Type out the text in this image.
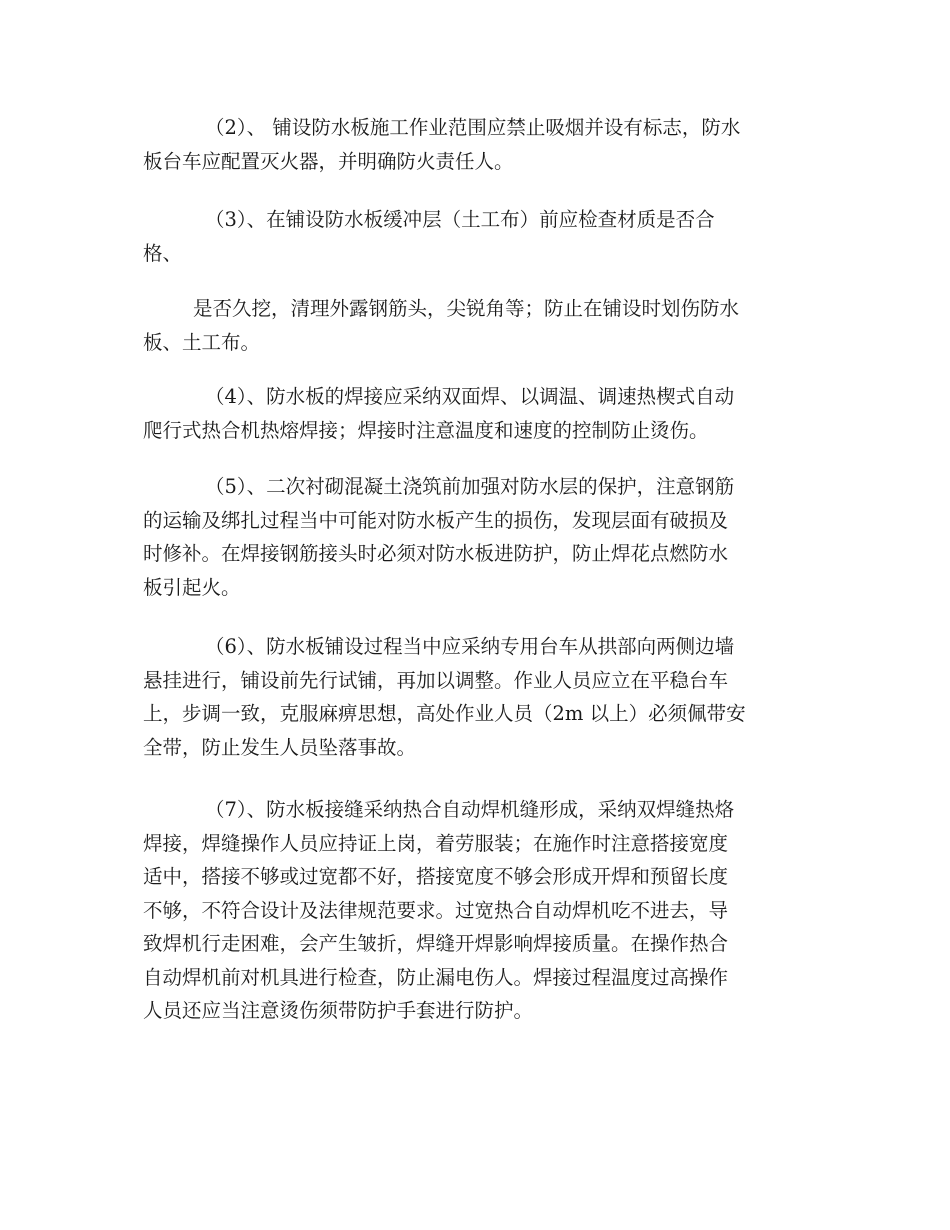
（2）、 铺设防水板施工作业范围应禁止吸烟并设有标志，防水
板台车应配置灭火器，并明确防火责任人。
（3）、在铺设防水板缓冲层（土工布）前应检查材质是否合
格、
是否久挖，清理外露钢筋头，尖锐角等；防止在铺设时划伤防水
板、土工布。
（4）、防水板的焊接应采纳双面焊、以调温、调速热楔式自动
爬行式热合机热熔焊接；焊接时注意温度和速度的控制防止烫伤。
（5）、二次衬砌混凝土浇筑前加强对防水层的保护，注意钢筋
的运输及绑扎过程当中可能对防水板产生的损伤，发现层面有破损及
时修补。在焊接钢筋接头时必须对防水板进防护，防止焊花点燃防水
板引起火。
（6）、防水板铺设过程当中应采纳专用台车从拱部向两侧边墙
悬挂进行，铺设前先行试铺，再加以调整。作业人员应立在平稳台车
上，步调一致，克服麻痹思想，高处作业人员（2m 以上）必须佩带安
全带，防止发生人员坠落事故。
（7）、防水板接缝采纳热合自动焊机缝形成，采纳双焊缝热烙
焊接，焊缝操作人员应持证上岗，着劳服装；在施作时注意搭接宽度
适中，搭接不够或过宽都不好，搭接宽度不够会形成开焊和预留长度
不够，不符合设计及法律规范要求。过宽热合自动焊机吃不进去，导
致焊机行走困难，会产生皱折，焊缝开焊影响焊接质量。在操作热合
自动焊机前对机具进行检查，防止漏电伤人。焊接过程温度过高操作
人员还应当注意烫伤须带防护手套进行防护。
